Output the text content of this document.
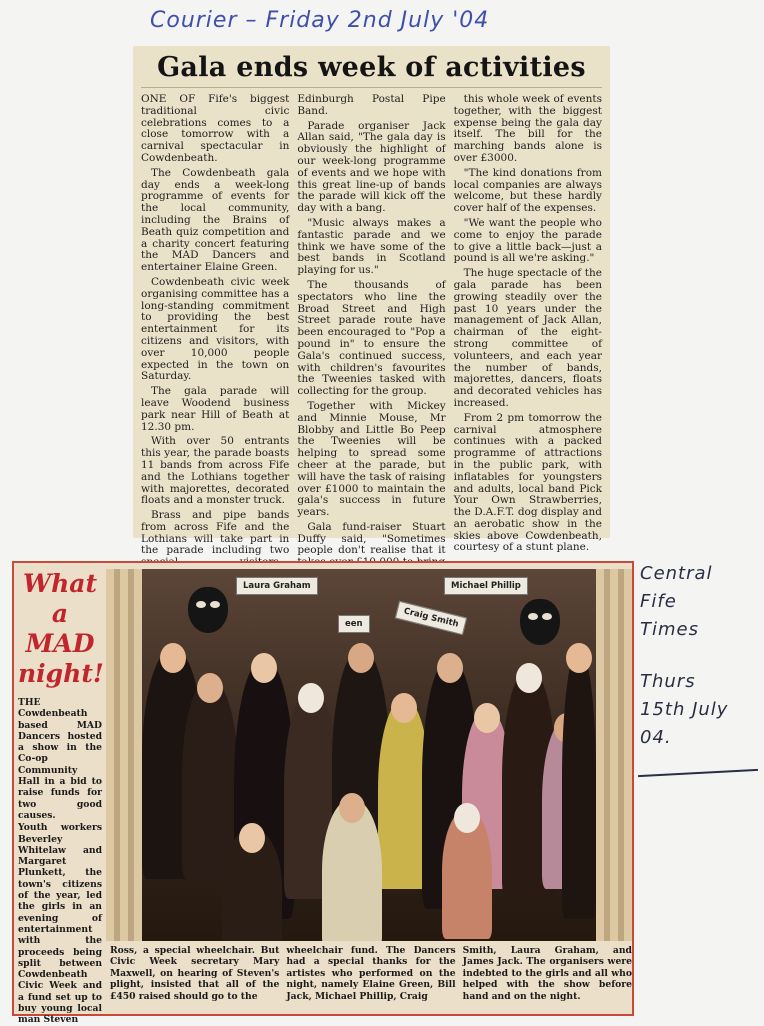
Courier – Friday 2nd July '04
Central
Fife
Times
Thurs
15th July
04.
Gala ends week of activities

ONE OF Fife's biggest traditional civic celebrations comes to a close tomorrow with a carnival spectacular in Cowdenbeath.

The Cowdenbeath gala day ends a week-long programme of events for the local community, including the Brains of Beath quiz competition and a charity concert featuring the MAD Dancers and entertainer Elaine Green.

Cowdenbeath civic week organising committee has a long-standing commitment to providing the best entertainment for its citizens and visitors, with over 10,000 people expected in the town on Saturday.

The gala parade will leave Woodend business park near Hill of Beath at 12.30 pm.

With over 50 entrants this year, the parade boasts 11 bands from across Fife and the Lothians together with majorettes, decorated floats and a monster truck.

Brass and pipe bands from across Fife and the Lothians will take part in the parade including two

Edinburgh Postal Pipe Band.

Parade organiser Jack Allan said, "The gala day is obviously the highlight of our week-long programme of events and we hope with this great line-up of bands the parade will kick off the day with a bang.

"Music always makes a fantastic parade and we think we have some of the best bands in Scotland playing for us."

The thousands of spectators who line the Broad Street and High Street parade route have been encouraged to "Pop a pound in" to ensure the Gala's continued success, with children's favourites the Tweenies tasked with collecting for the group.

Together with Mickey and Minnie Mouse, Mr Blobby and Little Bo Peep the Tweenies will be helping to spread some cheer at the parade, but will have the task of raising over £1000 to maintain the gala's success in future years.

Gala fund-raiser Stuart Duffy said, "Sometimes people don't realise that it

this whole week of events together, with the biggest expense being the gala day itself. The bill for the marching bands alone is over £3000.

"The kind donations from local companies are always welcome, but these hardly cover half of the expenses.

"We want the people who come to enjoy the parade to give a little back—just a pound is all we're asking."

The huge spectacle of the gala parade has been growing steadily over the past 10 years under the management of Jack Allan, chairman of the eight-strong committee of volunteers, and each year the number of bands, majorettes, dancers, floats and decorated vehicles has increased.

From 2 pm tomorrow the carnival atmosphere continues with a packed programme of attractions in the public park, with inflatables for youngsters and adults, local band Pick Your Own Strawberries, the D.A.F.T. dog display and an aerobatic show in the skies above Cowdenbeath, courtesy of a stunt plane.

What
a
MAD
night!

THE Cowdenbeath based MAD Dancers hosted a show in the Co-op Community Hall in a bid to raise funds for two good causes.

Youth workers Beverley Whitelaw and Margaret Plunkett, the town's citizens of the year, led the girls in an evening of entertainment with the proceeds being split between Cowdenbeath Civic Week and a fund set up to buy young local man Steven

Laura Graham	Michael Phillip
Craig Smith
een

Ross, a special wheelchair. But Civic Week secretary Mary Maxwell, on hearing of Steven's plight, insisted that all of the £450 raised should go to the

wheelchair fund. The Dancers had a special thanks for the artistes who performed on the night, namely Elaine Green, Bill Jack, Michael Phillip, Craig

Smith, Laura Graham, and James Jack. The organisers were indebted to the girls and all who helped with the show before hand and on the night.
